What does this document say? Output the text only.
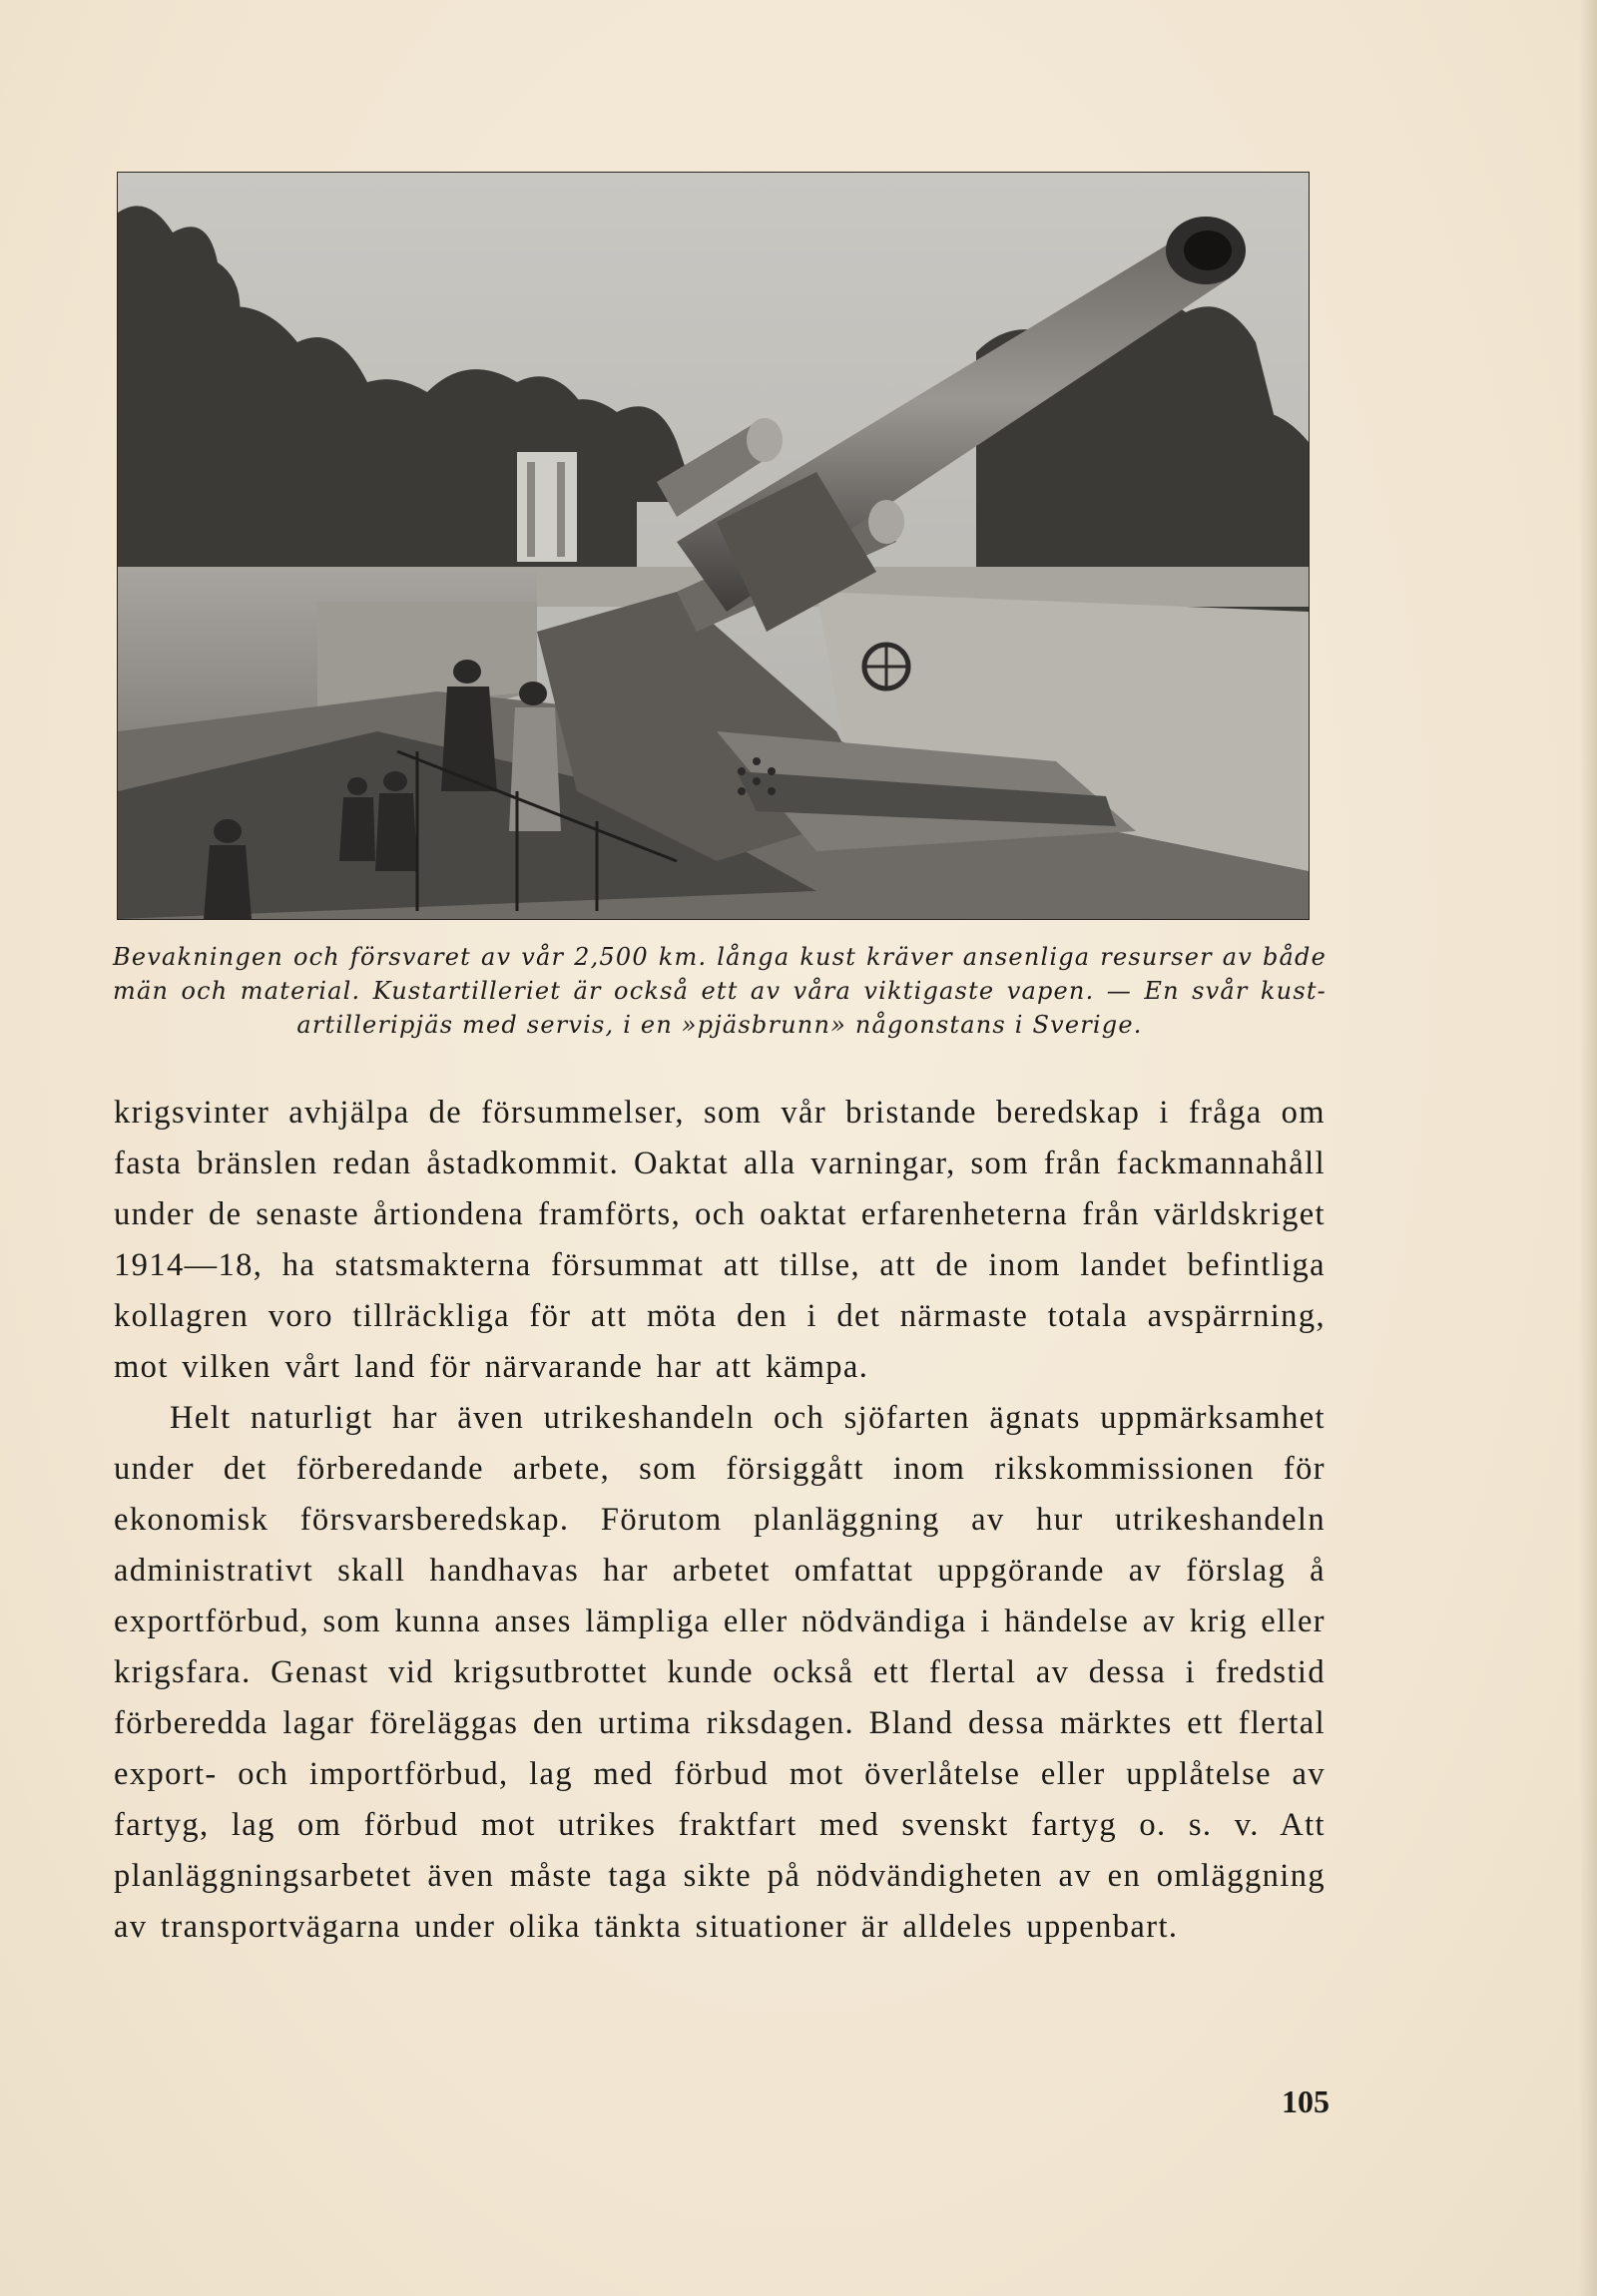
Bevakningen och försvaret av vår 2,500 km. långa kust kräver ansenliga resurser av både män och material. Kustartilleriet är också ett av våra viktigaste vapen. — En svår kust- artilleripjäs med servis, i en »pjäsbrunn» någonstans i Sverige.

krigsvinter avhjälpa de försummelser, som vår bristande beredskap i fråga om fasta bränslen redan åstadkommit. Oaktat alla varningar, som från fackmannahåll under de senaste årtiondena framförts, och oaktat erfarenheterna från världskriget 1914—18, ha statsmakterna försummat att tillse, att de inom landet befintliga kollagren voro tillräckliga för att möta den i det närmaste totala avspärrning, mot vilken vårt land för närvarande har att kämpa.

Helt naturligt har även utrikeshandeln och sjöfarten ägnats uppmärksamhet under det förberedande arbete, som försiggått inom rikskommissionen för ekonomisk försvarsberedskap. Förutom planläggning av hur utrikeshandeln administrativt skall handhavas har arbetet omfattat uppgörande av förslag å exportförbud, som kunna anses lämpliga eller nödvändiga i händelse av krig eller krigsfara. Genast vid krigsutbrottet kunde också ett flertal av dessa i fredstid förberedda lagar föreläggas den urtima riksdagen. Bland dessa märktes ett flertal export- och importförbud, lag med förbud mot överlåtelse eller upplåtelse av fartyg, lag om förbud mot utrikes fraktfart med svenskt fartyg o. s. v. Att planläggningsarbetet även måste taga sikte på nödvändigheten av en omläggning av transportvägarna under olika tänkta situationer är alldeles uppenbart.

105
